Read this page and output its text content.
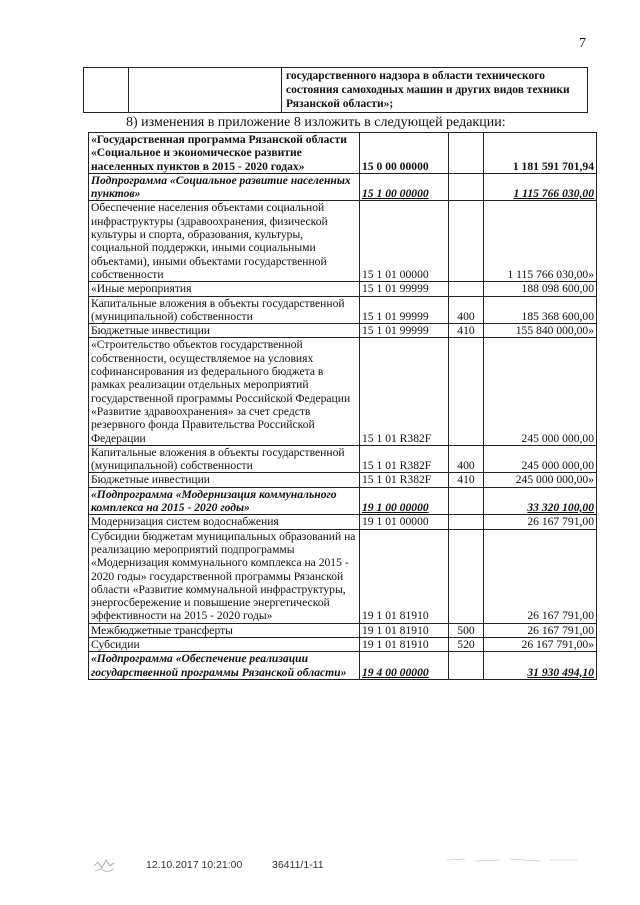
7
		государственного надзора в области технического состояния самоходных машин и других видов техники Рязанской области»;
8) изменения в приложение 8 изложить в следующей редакции:
«Государственная программа Рязанской области «Социальное и экономическое развитие населенных пунктов в 2015 - 2020 годах»	15 0 00 00000		1 181 591 701,94
Подпрограмма «Социальное развитие населенных пунктов»	15 1 00 00000		1 115 766 030,00
Обеспечение населения объектами социальной инфраструктуры (здравоохранения, физической культуры и спорта, образования, культуры, социальной поддержки, иными социальными объектами), иными объектами государственной собственности	15 1 01 00000		1 115 766 030,00»
«Иные мероприятия	15 1 01 99999		188 098 600,00
Капитальные вложения в объекты государственной (муниципальной) собственности	15 1 01 99999	400	185 368 600,00
Бюджетные инвестиции	15 1 01 99999	410	155 840 000,00»
«Строительство объектов государственной собственности, осуществляемое на условиях софинансирования из федерального бюджета в рамках реализации отдельных мероприятий государственной программы Российской Федерации «Развитие здравоохранения» за счет средств резервного фонда Правительства Российской Федерации	15 1 01 R382F		245 000 000,00
Капитальные вложения в объекты государственной (муниципальной) собственности	15 1 01 R382F	400	245 000 000,00
Бюджетные инвестиции	15 1 01 R382F	410	245 000 000,00»
«Подпрограмма «Модернизация коммунального комплекса на 2015 - 2020 годы»	19 1 00 00000		33 320 100,00
Модернизация систем водоснабжения	19 1 01 00000		26 167 791,00
Субсидии бюджетам муниципальных образований на реализацию мероприятий подпрограммы «Модернизация коммунального комплекса на 2015 - 2020 годы» государственной программы Рязанской области «Развитие коммунальной инфраструктуры, энергосбережение и повышение энергетической эффективности на 2015 - 2020 годы»	19 1 01 81910		26 167 791,00
Межбюджетные трансферты	19 1 01 81910	500	26 167 791,00
Субсидии	19 1 01 81910	520	26 167 791,00»
«Подпрограмма «Обеспечение реализации государственной программы Рязанской области»	19 4 00 00000		31 930 494,10
12.10.2017 10:21:00	36411/1-11
